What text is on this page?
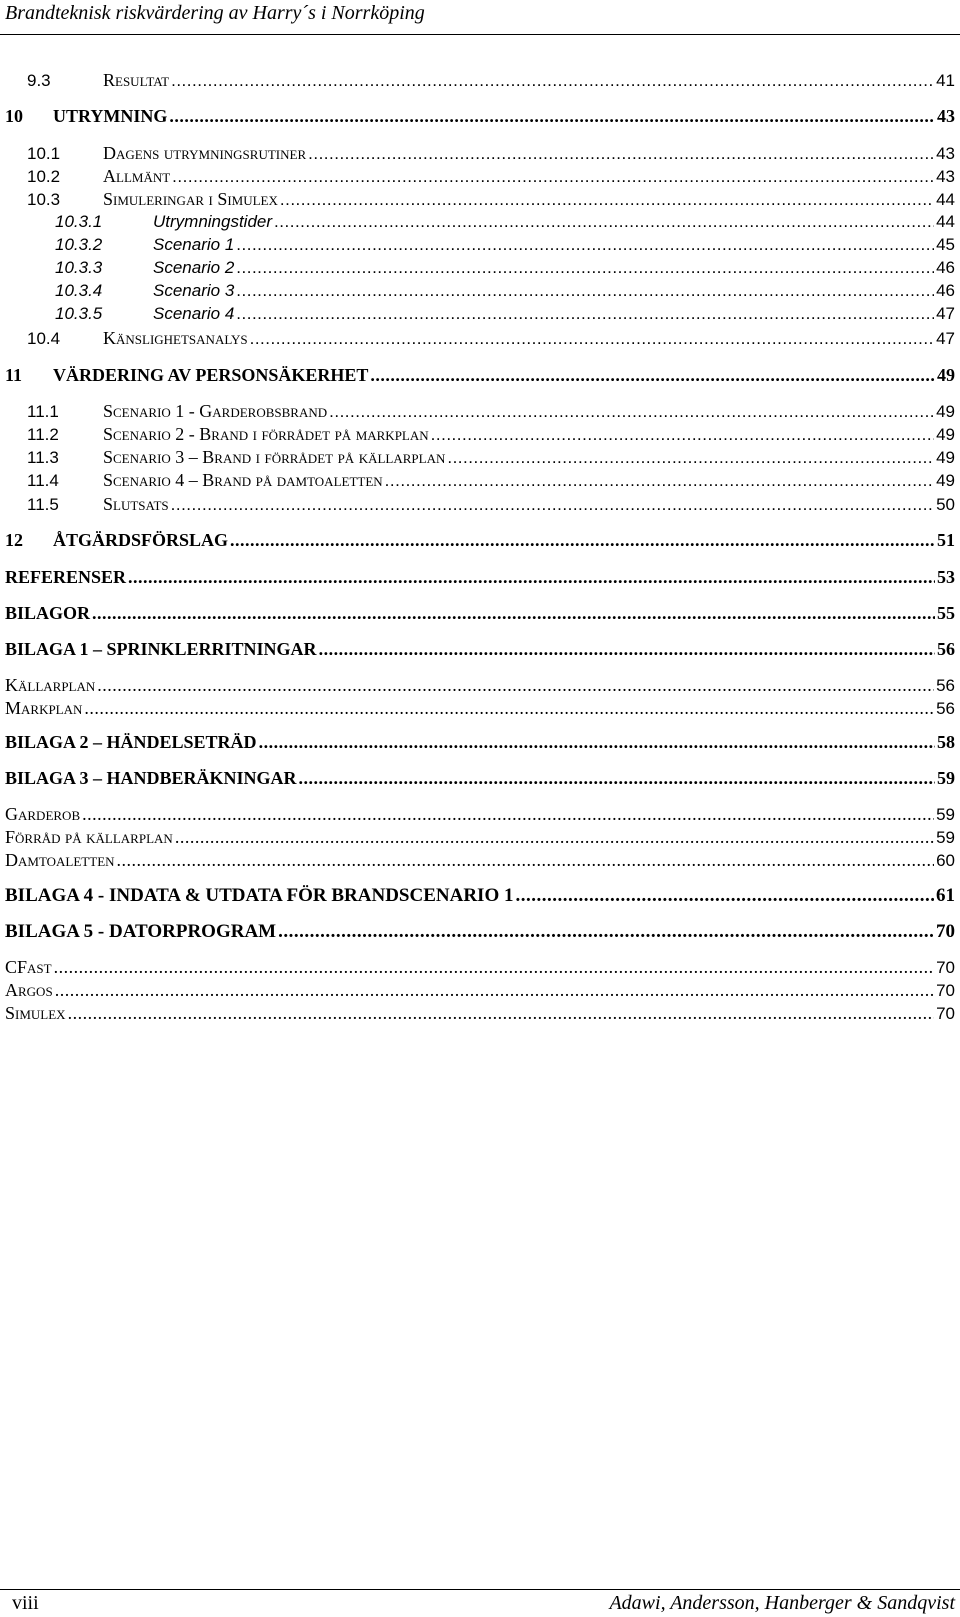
Brandteknisk riskvärdering av Harry´s i Norrköping
9.3	Resultat .....	41
10	UTRYMNING .....	43
10.1	Dagens utrymningsrutiner .....	43
10.2	Allmänt .....	43
10.3	Simuleringar i Simulex .....	44
10.3.1	Utrymningstider .....	44
10.3.2	Scenario 1 .....	45
10.3.3	Scenario 2 .....	46
10.3.4	Scenario 3 .....	46
10.3.5	Scenario 4 .....	47
10.4	Känslighetsanalys .....	47
11	VÄRDERING AV PERSONSÄKERHET .....	49
11.1	Scenario 1 - Garderobsbrand .....	49
11.2	Scenario 2 - Brand i förrådet på markplan .....	49
11.3	Scenario 3 – Brand i förrådet på källarplan .....	49
11.4	Scenario 4 – Brand på damtoaletten .....	49
11.5	Slutsats .....	50
12	ÅTGÄRDSFÖRSLAG .....	51
REFERENSER .....	53
BILAGOR .....	55
BILAGA 1 – SPRINKLERRITNINGAR .....	56
Källarplan .....	56
Markplan .....	56
BILAGA 2 – HÄNDELSETRÄD .....	58
BILAGA 3 – HANDBERÄKNINGAR .....	59
Garderob .....	59
Förråd på källarplan .....	59
Damtoaletten .....	60
BILAGA 4 - INDATA & UTDATA FÖR BRANDSCENARIO 1 .....	61
BILAGA 5 - DATORPROGRAM .....	70
CFast .....	70
Argos .....	70
Simulex .....	70
viii	Adawi, Andersson, Hanberger & Sandqvist
